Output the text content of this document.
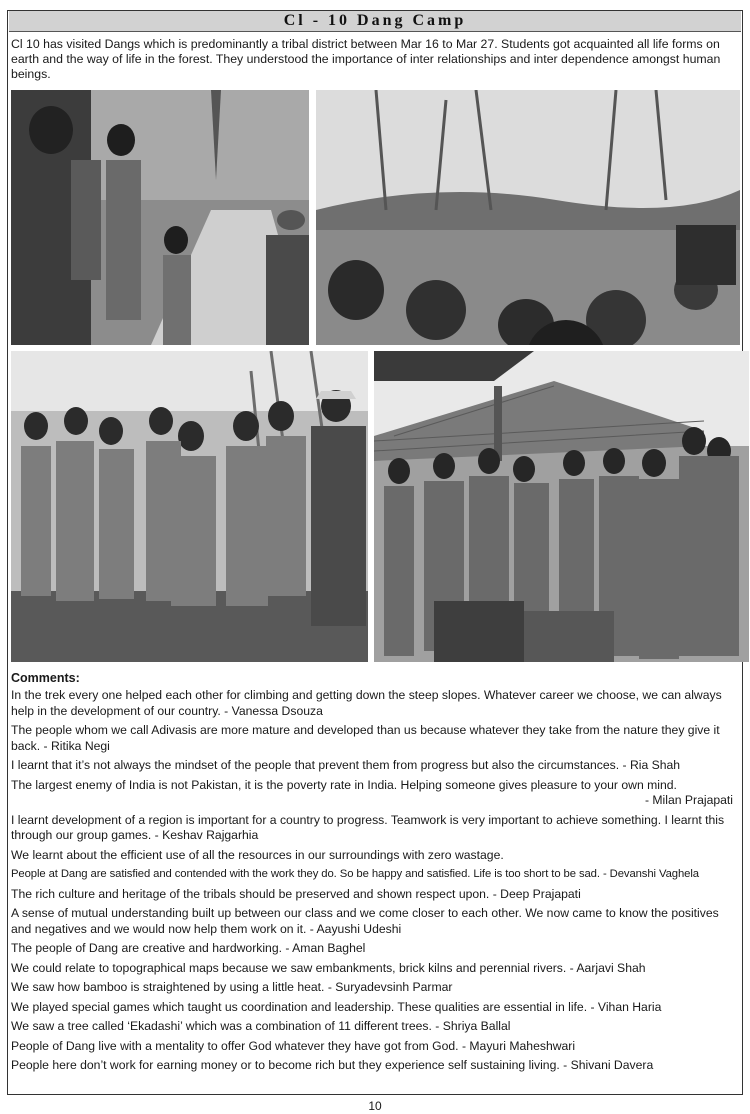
Cl - 10 Dang Camp
Cl 10 has visited Dangs which is predominantly a tribal district between Mar 16 to Mar 27. Students got acquainted all life forms on earth and the way of life in the forest. They understood the importance of inter relationships and inter dependence amongst human beings.
Comments:

In the trek every one helped each other for climbing and getting down the steep slopes. Whatever career we choose, we can always help in the development of our country. - Vanessa Dsouza

The people whom we call Adivasis are more mature and developed than us because whatever they take from the nature they give it back. - Ritika Negi

I learnt that it’s not always the mindset of the people that prevent them from progress but also the circumstances. - Ria Shah

The largest enemy of India is not Pakistan, it is the poverty rate in India. Helping someone gives pleasure to your own mind.
- Milan Prajapati

I learnt development of a region is important for a country to progress. Teamwork is very important to achieve something. I learnt this through our group games. - Keshav Rajgarhia

We learnt about the efficient use of all the resources in our surroundings with zero wastage.

People at Dang are satisfied and contended with the work they do. So be happy and satisfied. Life is too short to be sad. - Devanshi Vaghela

The rich culture and heritage of the tribals should be preserved and shown respect upon. - Deep Prajapati

A sense of mutual understanding built up between our class and we come closer to each other. We now came to know the positives and negatives and we would now help them work on it. - Aayushi Udeshi

The people of Dang are creative and hardworking. - Aman Baghel

We could relate to topographical maps because we saw embankments, brick kilns and perennial rivers. - Aarjavi Shah

We saw how bamboo is straightened by using a little heat. - Suryadevsinh Parmar

We played special games which taught us coordination and leadership. These qualities are essential in life. - Vihan Haria

We saw a tree called ‘Ekadashi’ which was a combination of 11 different trees. - Shriya Ballal

People of Dang live with a mentality to offer God whatever they have got from God. - Mayuri Maheshwari

People here don’t work for earning money or to become rich but they experience self sustaining living. - Shivani Davera

10
